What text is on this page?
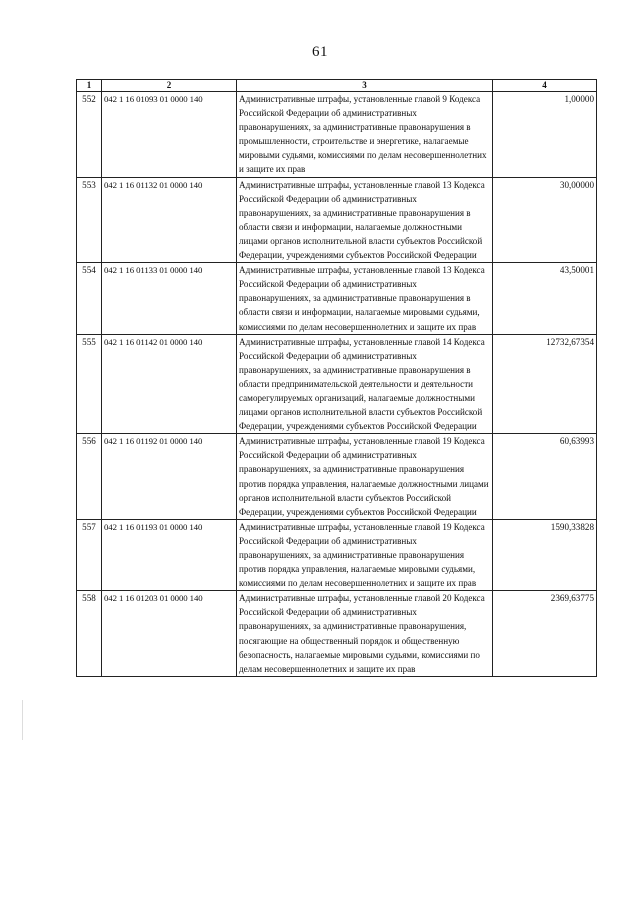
61
1	2	3	4
552	042 1 16 01093 01 0000 140	Административные штрафы, установленные главой 9 Кодекса Российской Федерации об административных правонарушениях, за административные правонарушения в промышленности, строительстве и энергетике, налагаемые мировыми судьями, комиссиями по делам несовершеннолетних и защите их прав	1,00000
553	042 1 16 01132 01 0000 140	Административные штрафы, установленные главой 13 Кодекса Российской Федерации об административных правонарушениях, за административные правонарушения в области связи и информации, налагаемые должностными лицами органов исполнительной власти субъектов Российской Федерации, учреждениями субъектов Российской Федерации	30,00000
554	042 1 16 01133 01 0000 140	Административные штрафы, установленные главой 13 Кодекса Российской Федерации об административных правонарушениях, за административные правонарушения в области связи и информации, налагаемые мировыми судьями, комиссиями по делам несовершеннолетних и защите их прав	43,50001
555	042 1 16 01142 01 0000 140	Административные штрафы, установленные главой 14 Кодекса Российской Федерации об административных правонарушениях, за административные правонарушения в области предпринимательской деятельности и деятельности саморегулируемых организаций, налагаемые должностными лицами органов исполнительной власти субъектов Российской Федерации, учреждениями субъектов Российской Федерации	12732,67354
556	042 1 16 01192 01 0000 140	Административные штрафы, установленные главой 19 Кодекса Российской Федерации об административных правонарушениях, за административные правонарушения против порядка управления, налагаемые должностными лицами органов исполнительной власти субъектов Российской Федерации, учреждениями субъектов Российской Федерации	60,63993
557	042 1 16 01193 01 0000 140	Административные штрафы, установленные главой 19 Кодекса Российской Федерации об административных правонарушениях, за административные правонарушения против порядка управления, налагаемые мировыми судьями, комиссиями по делам несовершеннолетних и защите их прав	1590,33828
558	042 1 16 01203 01 0000 140	Административные штрафы, установленные главой 20 Кодекса Российской Федерации об административных правонарушениях, за административные правонарушения, посягающие на общественный порядок и общественную безопасность, налагаемые мировыми судьями, комиссиями по делам несовершеннолетних и защите их прав	2369,63775
